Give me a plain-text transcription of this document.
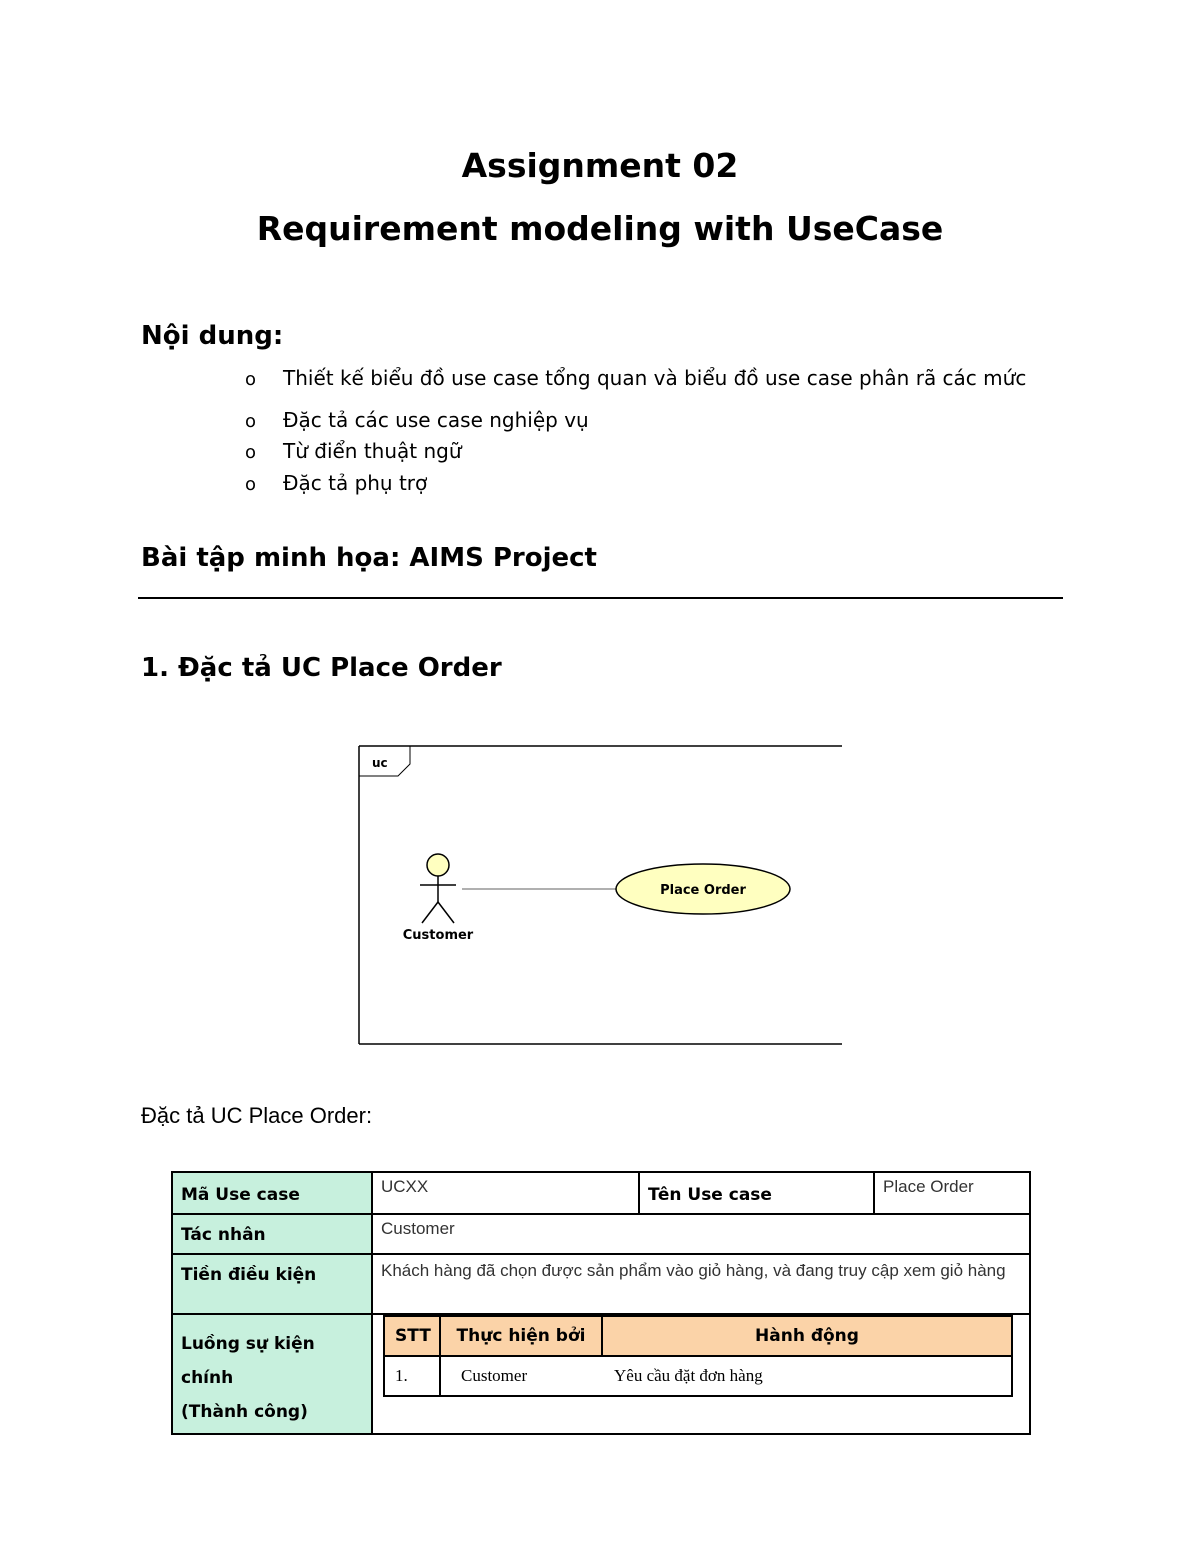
Assignment 02
Requirement modeling with UseCase
Nội dung:
o Thiết kế biểu đồ use case tổng quan và biểu đồ use case phân rã các mức
o Đặc tả các use case nghiệp vụ
o Từ điển thuật ngữ
o Đặc tả phụ trợ
Bài tập minh họa: AIMS Project
1. Đặc tả UC Place Order
uc
Customer
Place Order
Đặc tả UC Place Order:
Mã Use case	UCXX	Tên Use case	Place Order
Tác nhân	Customer
Tiền điều kiện	Khách hàng đã chọn được sản phẩm vào giỏ hàng, và đang truy cập xem giỏ hàng

Luồng sự kiện chính
(Thành công)

STT	Thực hiện bởi	Hành động
1.	Customer	Yêu cầu đặt đơn hàng
